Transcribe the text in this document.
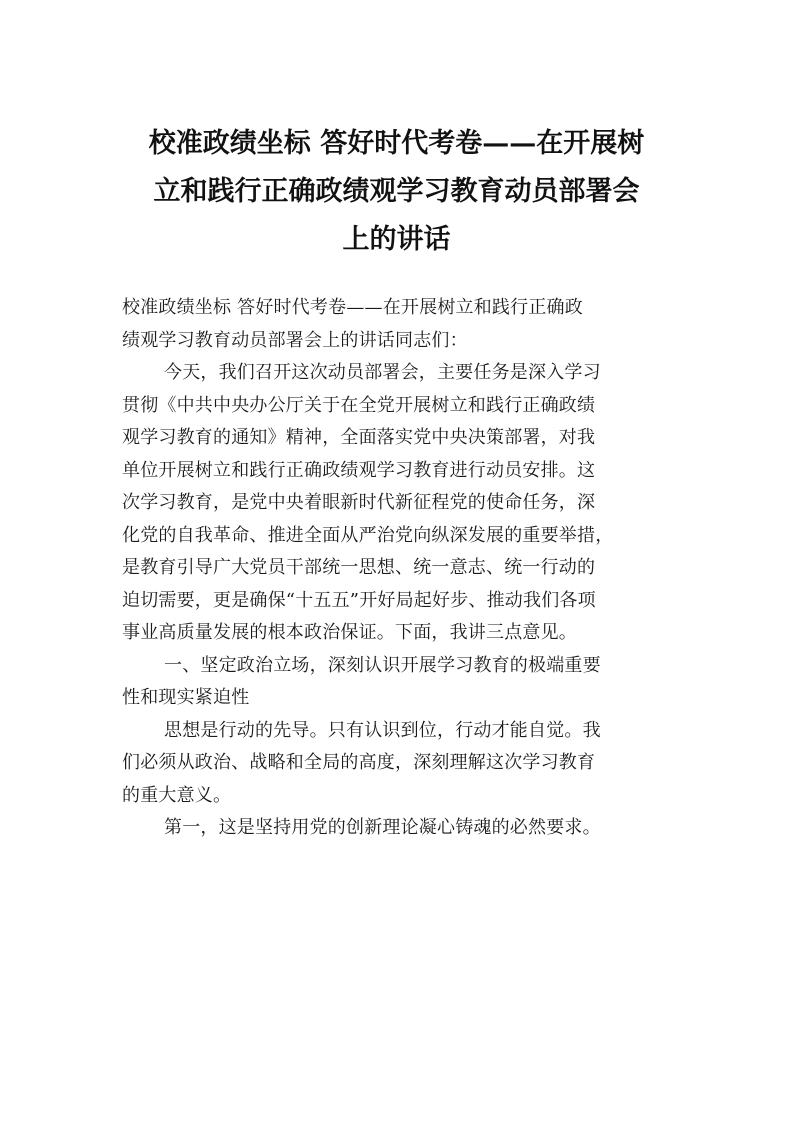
校准政绩坐标 答好时代考卷——在开展树
立和践行正确政绩观学习教育动员部署会
上的讲话

校准政绩坐标 答好时代考卷——在开展树立和践行正确政
绩观学习教育动员部署会上的讲话同志们：

今天，我们召开这次动员部署会，主要任务是深入学习
贯彻《中共中央办公厅关于在全党开展树立和践行正确政绩
观学习教育的通知》精神，全面落实党中央决策部署，对我
单位开展树立和践行正确政绩观学习教育进行动员安排。这
次学习教育，是党中央着眼新时代新征程党的使命任务，深
化党的自我革命、推进全面从严治党向纵深发展的重要举措，
是教育引导广大党员干部统一思想、统一意志、统一行动的
迫切需要，更是确保“十五五”开好局起好步、推动我们各项
事业高质量发展的根本政治保证。下面，我讲三点意见。

一、坚定政治立场，深刻认识开展学习教育的极端重要
性和现实紧迫性

思想是行动的先导。只有认识到位，行动才能自觉。我
们必须从政治、战略和全局的高度，深刻理解这次学习教育
的重大意义。

第一，这是坚持用党的创新理论凝心铸魂的必然要求。
